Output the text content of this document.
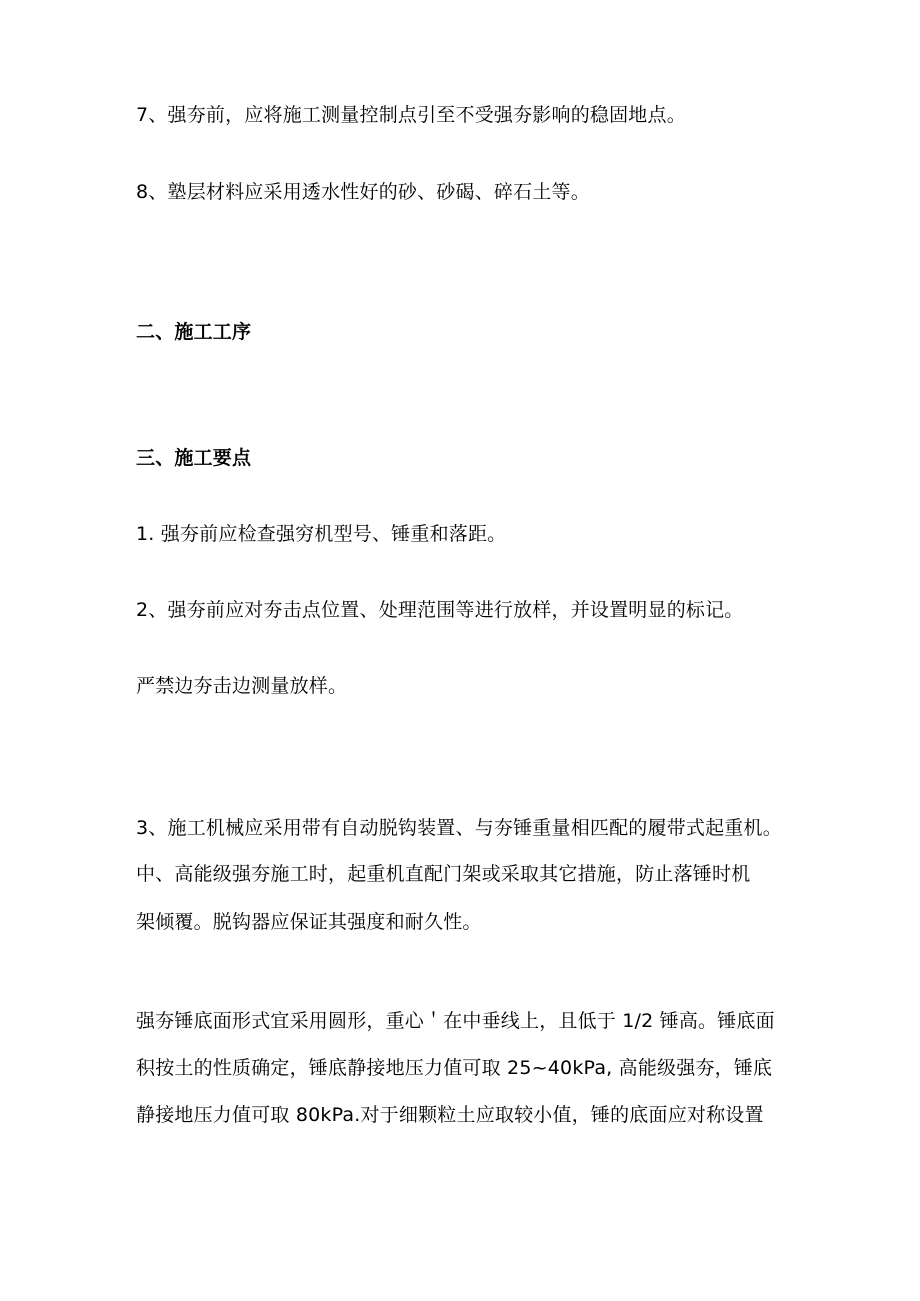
7、强夯前，应将施工测量控制点引至不受强夯影响的稳固地点。

8、塾层材料应采用透水性好的砂、砂碣、碎石土等。

二、施工工序

三、施工要点

1. 强夯前应检查强穷机型号、锤重和落距。

2、强夯前应对夯击点位置、处理范围等进行放样，并设置明显的标记。

严禁边夯击边测量放样。

3、施工机械应采用带有自动脱钩装置、与夯锤重量相匹配的履带式起重机。

中、高能级强夯施工时，起重机直配门架或采取其它措施，防止落锤时机

架倾覆。脱钩器应保证其强度和耐久性。

强夯锤底面形式宜采用圆形，重心＇在中垂线上，且低于 1/2 锤高。锤底面

积按土的性质确定，锤底静接地压力值可取 25~40kPa, 高能级强夯，锤底

静接地压力值可取 80kPa.对于细颗粒土应取较小值，锤的底面应对称设置
